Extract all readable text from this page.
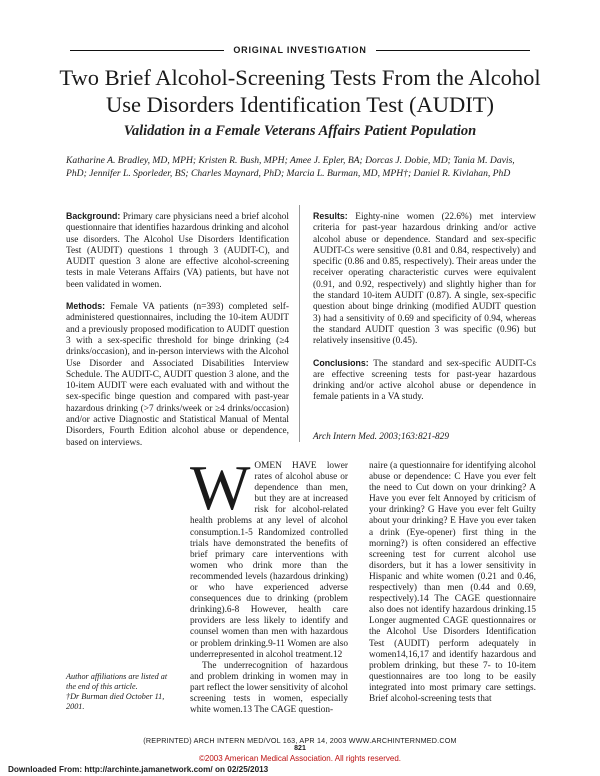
ORIGINAL INVESTIGATION
Two Brief Alcohol-Screening Tests From the Alcohol Use Disorders Identification Test (AUDIT)
Validation in a Female Veterans Affairs Patient Population
Katharine A. Bradley, MD, MPH; Kristen R. Bush, MPH; Amee J. Epler, BA; Dorcas J. Dobie, MD; Tania M. Davis, PhD; Jennifer L. Sporleder, BS; Charles Maynard, PhD; Marcia L. Burman, MD, MPH†; Daniel R. Kivlahan, PhD

Background: Primary care physicians need a brief alcohol questionnaire that identifies hazardous drinking and alcohol use disorders. The Alcohol Use Disorders Identification Test (AUDIT) questions 1 through 3 (AUDIT-C), and AUDIT question 3 alone are effective alcohol-screening tests in male Veterans Affairs (VA) patients, but have not been validated in women.

Methods: Female VA patients (n=393) completed self-administered questionnaires, including the 10-item AUDIT and a previously proposed modification to AUDIT question 3 with a sex-specific threshold for binge drinking (≥4 drinks/occasion), and in-person interviews with the Alcohol Use Disorder and Associated Disabilities Interview Schedule. The AUDIT-C, AUDIT question 3 alone, and the 10-item AUDIT were each evaluated with and without the sex-specific binge question and compared with past-year hazardous drinking (>7 drinks/week or ≥4 drinks/occasion) and/or active Diagnostic and Statistical Manual of Mental Disorders, Fourth Edition alcohol abuse or dependence, based on interviews.

Results: Eighty-nine women (22.6%) met interview criteria for past-year hazardous drinking and/or active alcohol abuse or dependence. Standard and sex-specific AUDIT-Cs were sensitive (0.81 and 0.84, respectively) and specific (0.86 and 0.85, respectively). Their areas under the receiver operating characteristic curves were equivalent (0.91, and 0.92, respectively) and slightly higher than for the standard 10-item AUDIT (0.87). A single, sex-specific question about binge drinking (modified AUDIT question 3) had a sensitivity of 0.69 and specificity of 0.94, whereas the standard AUDIT question 3 was specific (0.96) but relatively insensitive (0.45).

Conclusions: The standard and sex-specific AUDIT-Cs are effective screening tests for past-year hazardous drinking and/or active alcohol abuse or dependence in female patients in a VA study.

Arch Intern Med. 2003;163:821-829
WOMEN HAVE lower rates of alcohol abuse or dependence than men, but they are at increased risk for alcohol-related health problems at any level of alcohol consumption.1-5 Randomized controlled trials have demonstrated the benefits of brief primary care interventions with women who drink more than the recommended levels (hazardous drinking) or who have experienced adverse consequences due to drinking (problem drinking).6-8 However, health care providers are less likely to identify and counsel women than men with hazardous or problem drinking.9-11 Women are also underrepresented in alcohol treatment.12
The underrecognition of hazardous and problem drinking in women may in part reflect the lower sensitivity of alcohol screening tests in women, especially white women.13 The CAGE question-
naire (a questionnaire for identifying alcohol abuse or dependence: C Have you ever felt the need to Cut down on your drinking? A Have you ever felt Annoyed by criticism of your drinking? G Have you ever felt Guilty about your drinking? E Have you ever taken a drink (Eye-opener) first thing in the morning?) is often considered an effective screening test for current alcohol use disorders, but it has a lower sensitivity in Hispanic and white women (0.21 and 0.46, respectively) than men (0.44 and 0.69, respectively).14 The CAGE questionnaire also does not identify hazardous drinking.15 Longer augmented CAGE questionnaires or the Alcohol Use Disorders Identification Test (AUDIT) perform adequately in women14,16,17 and identify hazardous and problem drinking, but these 7- to 10-item questionnaires are too long to be easily integrated into most primary care settings. Brief alcohol-screening tests that
Author affiliations are listed at the end of this article.
†Dr Burman died October 11, 2001.
(REPRINTED) ARCH INTERN MED/VOL 163, APR 14, 2003 WWW.ARCHINTERNMED.COM
821
©2003 American Medical Association. All rights reserved.
Downloaded From: http://archinte.jamanetwork.com/ on 02/25/2013
